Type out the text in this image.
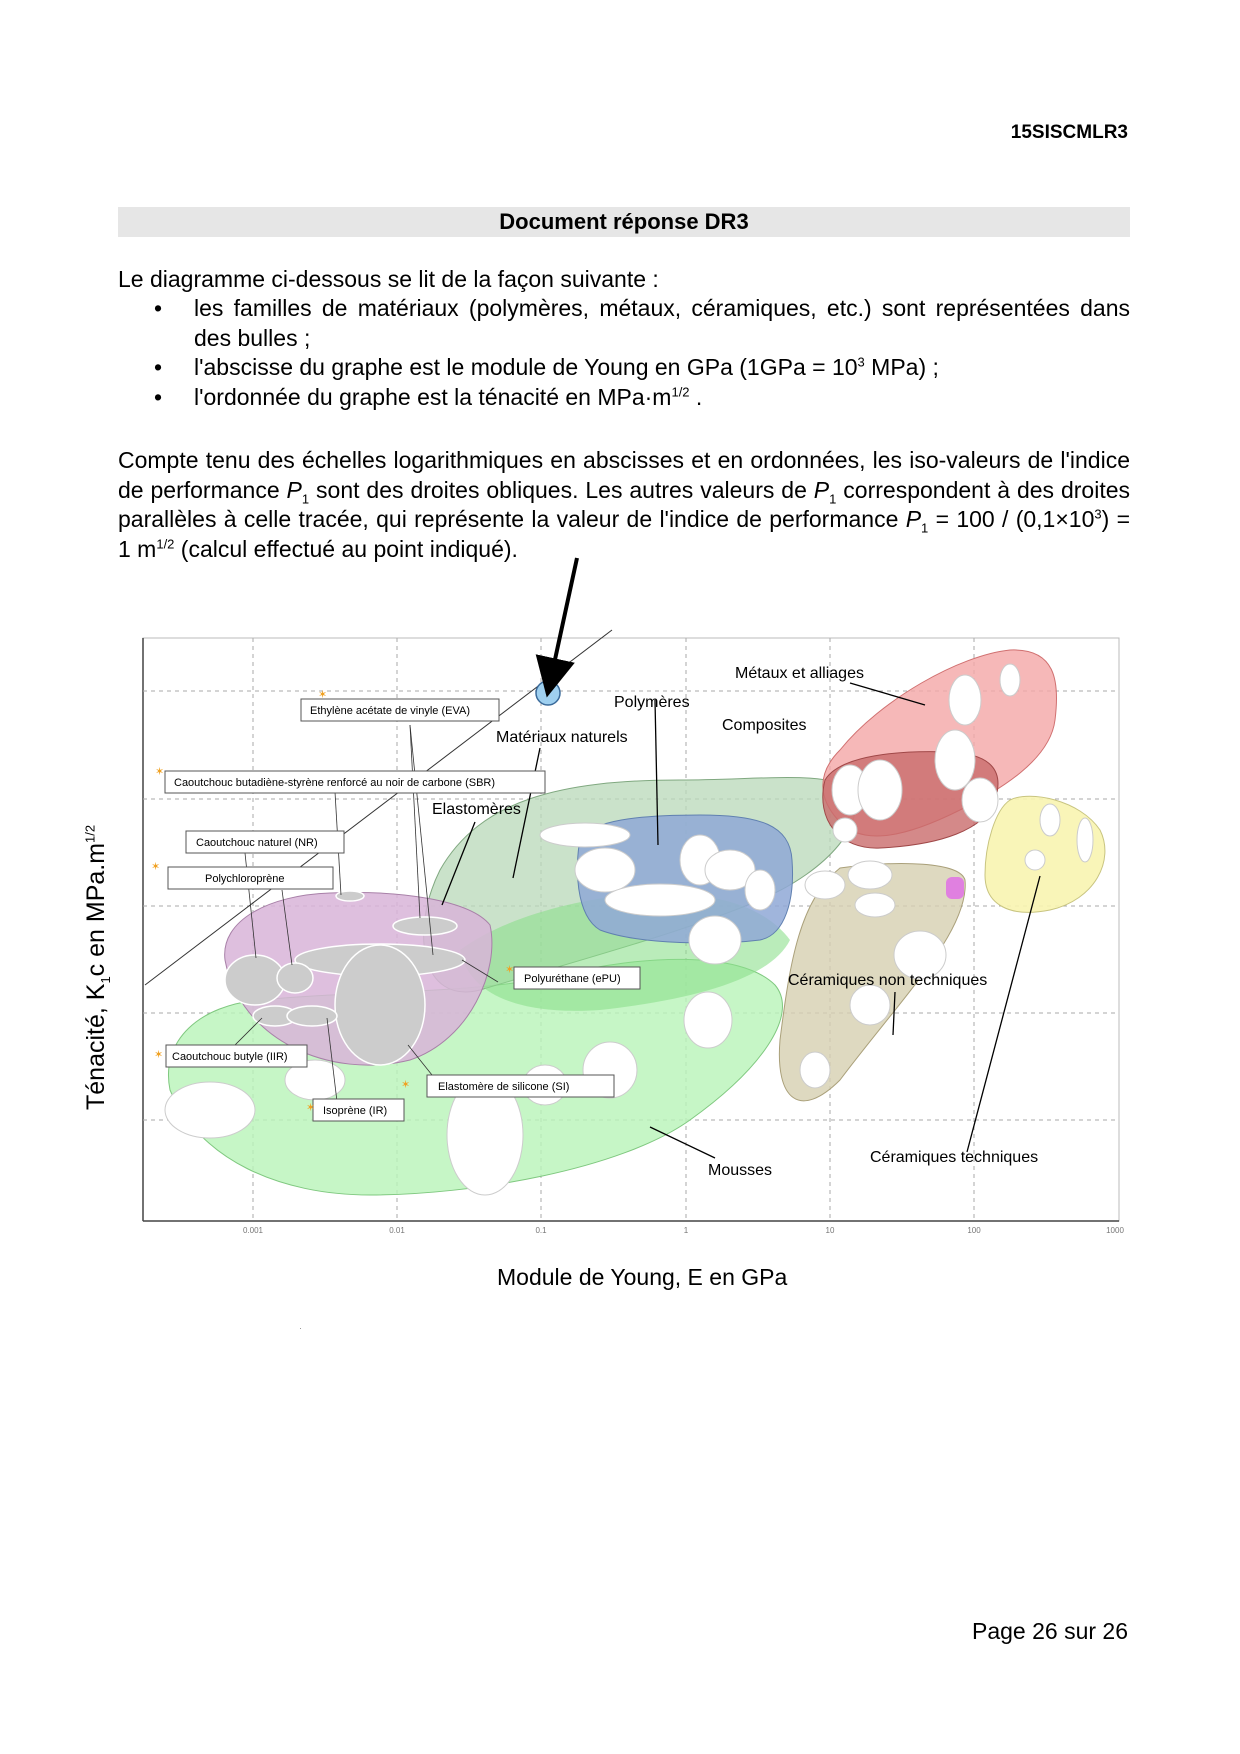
15SISCMLR3
Document réponse DR3
Le diagramme ci-dessous se lit de la façon suivante :
• les familles de matériaux (polymères, métaux, céramiques, etc.) sont représentées dans des bulles ;
• l'abscisse du graphe est le module de Young en GPa ($1GPa = 10^3$ MPa) ;
• l'ordonnée du graphe est la ténacité en $MPa\cdot m^{1/2}$ .
Compte tenu des échelles logarithmiques en abscisses et en ordonnées, les iso-valeurs de l'indice de performance $P_1$ sont des droites obliques. Les autres valeurs de $P_1$ correspondent à des droites parallèles à celle tracée, qui représente la valeur de l'indice de performance $P_1 = 100 / (0,1\times 10^3) = 1$ $m^{1/2}$ (calcul effectué au point indiqué).
0.001	0.01	0.1	1	10	100	1000
Métaux et alliages
Polymères
Composites
Matériaux naturels
Elastomères
Céramiques non techniques
Céramiques techniques
Mousses
Ethylène acétate de vinyle (EVA)
Caoutchouc butadiène-styrène renforcé au noir de carbone (SBR)
Caoutchouc naturel (NR)
Polychloroprène
Polyuréthane (ePU)
Caoutchouc butyle (IIR)
Elastomère de silicone (SI)
Isoprène (IR)
✶
✶
✶
✶
✶
✶
✶
Ténacité, $K_1c$ en $MPa.m^{1/2}$
Module de Young, E en GPa
Page 26 sur 26
